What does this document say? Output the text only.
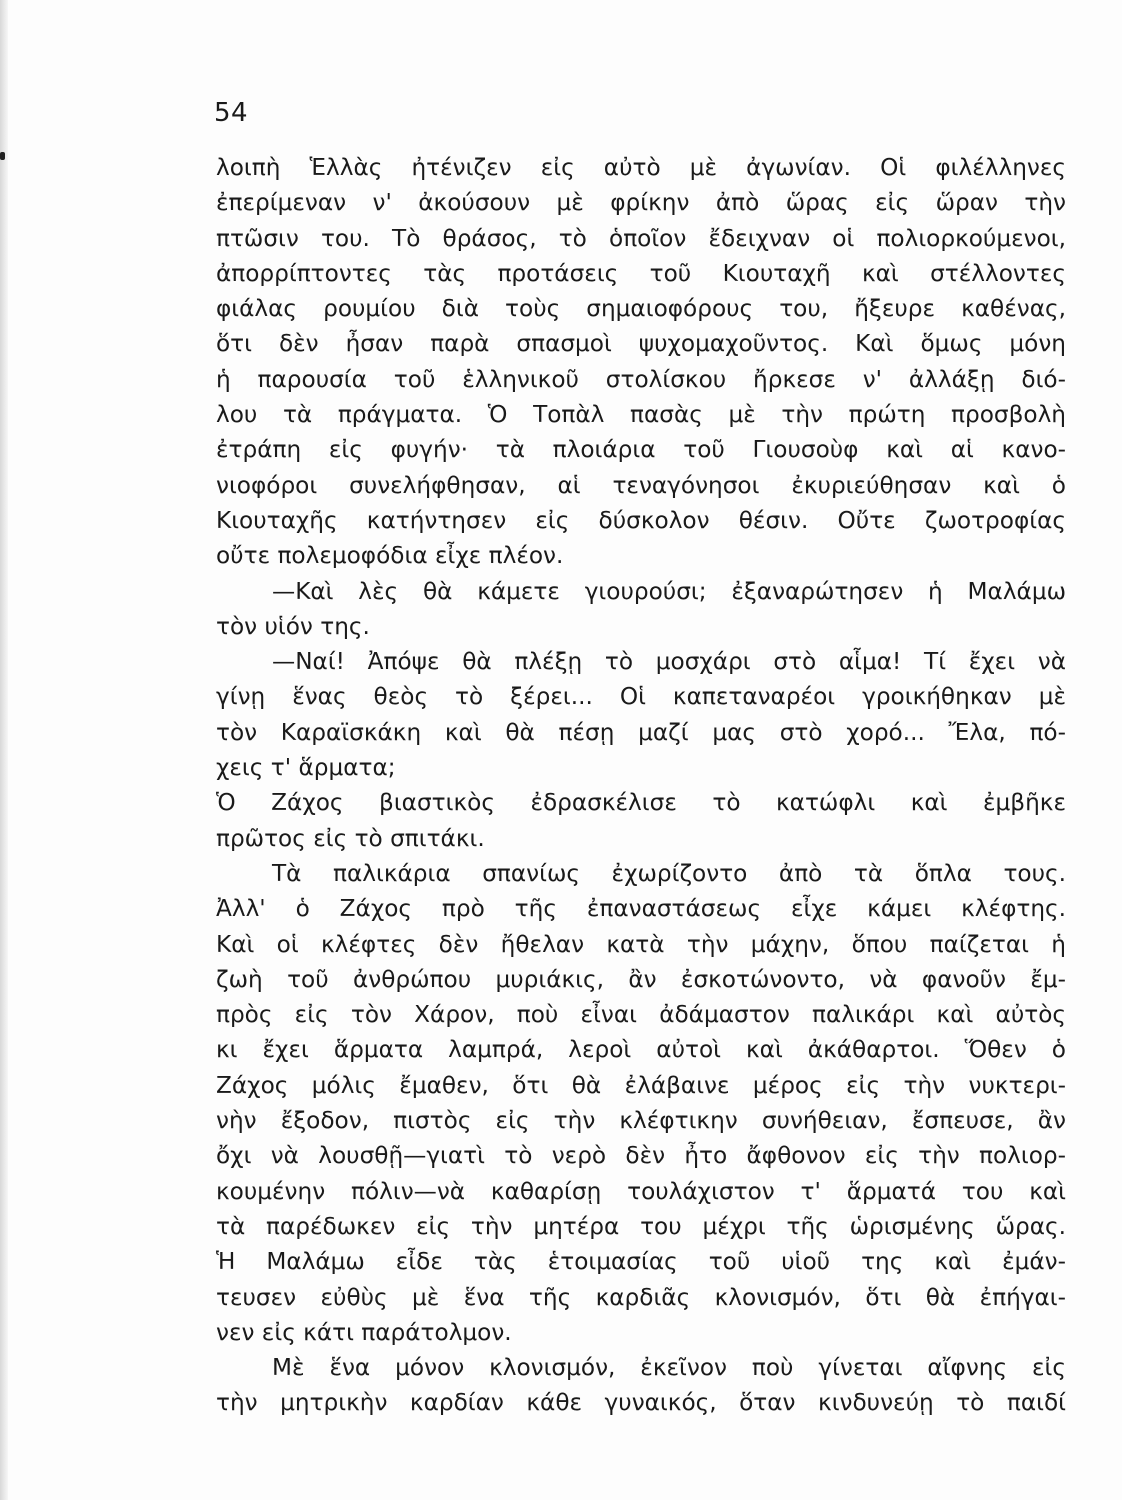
54

λοιπὴ Ἑλλὰς ἠτένιζεν εἰς αὐτὸ μὲ ἀγωνίαν. Οἱ φιλέλληνες

ἐπερίμεναν ν' ἀκούσουν μὲ φρίκην ἀπὸ ὥρας εἰς ὥραν τὴν

πτῶσιν του. Τὸ θράσος, τὸ ὁποῖον ἔδειχναν οἱ πολιορκούμενοι,

ἀπορρίπτοντες τὰς προτάσεις τοῦ Κιουταχῆ καὶ στέλλοντες

φιάλας ρουμίου διὰ τοὺς σημαιοφόρους του, ἤξευρε καθένας,

ὅτι δὲν ἦσαν παρὰ σπασμοὶ ψυχομαχοῦντος. Καὶ ὅμως μόνη

ἡ παρουσία τοῦ ἑλληνικοῦ στολίσκου ἤρκεσε ν' ἀλλάξῃ διό-

λου τὰ πράγματα. Ὁ Τοπὰλ πασὰς μὲ τὴν πρώτη προσβολὴ

ἐτράπη εἰς φυγήν· τὰ πλοιάρια τοῦ Γιουσοὺφ καὶ αἱ κανο-

νιοφόροι συνελήφθησαν, αἱ τεναγόνησοι ἐκυριεύθησαν καὶ ὁ

Κιουταχῆς κατήντησεν εἰς δύσκολον θέσιν. Οὔτε ζωοτροφίας

οὔτε πολεμοφόδια εἶχε πλέον.

—Καὶ λὲς θὰ κάμετε γιουρούσι; ἐξαναρώτησεν ἡ Μαλάμω

τὸν υἱόν της.

—Ναί! Ἀπόψε θὰ πλέξῃ τὸ μοσχάρι στὸ αἷμα! Τί ἔχει νὰ

γίνῃ ἕνας θεὸς τὸ ξέρει... Οἱ καπεταναρέοι γροικήθηκαν μὲ

τὸν Καραϊσκάκη καὶ θὰ πέσῃ μαζί μας στὸ χορό... Ἔλα, πό-

χεις τ' ἅρματα;

Ὁ Ζάχος βιαστικὸς ἐδρασκέλισε τὸ κατώφλι καὶ ἐμβῆκε

πρῶτος εἰς τὸ σπιτάκι.

Τὰ παλικάρια σπανίως ἐχωρίζοντο ἀπὸ τὰ ὅπλα τους.

Ἀλλ' ὁ Ζάχος πρὸ τῆς ἐπαναστάσεως εἶχε κάμει κλέφτης.

Καὶ οἱ κλέφτες δὲν ἤθελαν κατὰ τὴν μάχην, ὅπου παίζεται ἡ

ζωὴ τοῦ ἀνθρώπου μυριάκις, ἂν ἐσκοτώνοντο, νὰ φανοῦν ἔμ-

πρὸς εἰς τὸν Χάρον, ποὺ εἶναι ἀδάμαστον παλικάρι καὶ αὐτὸς

κι ἔχει ἅρματα λαμπρά, λεροὶ αὐτοὶ καὶ ἀκάθαρτοι. Ὅθεν ὁ

Ζάχος μόλις ἔμαθεν, ὅτι θὰ ἐλάβαινε μέρος εἰς τὴν νυκτερι-

νὴν ἔξοδον, πιστὸς εἰς τὴν κλέφτικην συνήθειαν, ἔσπευσε, ἂν

ὄχι νὰ λουσθῇ—γιατὶ τὸ νερὸ δὲν ἦτο ἄφθονον εἰς τὴν πολιορ-

κουμένην πόλιν—νὰ καθαρίσῃ τουλάχιστον τ' ἅρματά του καὶ

τὰ παρέδωκεν εἰς τὴν μητέρα του μέχρι τῆς ὡρισμένης ὥρας.

Ἡ Μαλάμω εἶδε τὰς ἑτοιμασίας τοῦ υἱοῦ της καὶ ἐμάν-

τευσεν εὐθὺς μὲ ἕνα τῆς καρδιᾶς κλονισμόν, ὅτι θὰ ἐπήγαι-

νεν εἰς κάτι παράτολμον.

Μὲ ἕνα μόνον κλονισμόν, ἐκεῖνον ποὺ γίνεται αἴφνης εἰς

τὴν μητρικὴν καρδίαν κάθε γυναικός, ὅταν κινδυνεύῃ τὸ παιδί
